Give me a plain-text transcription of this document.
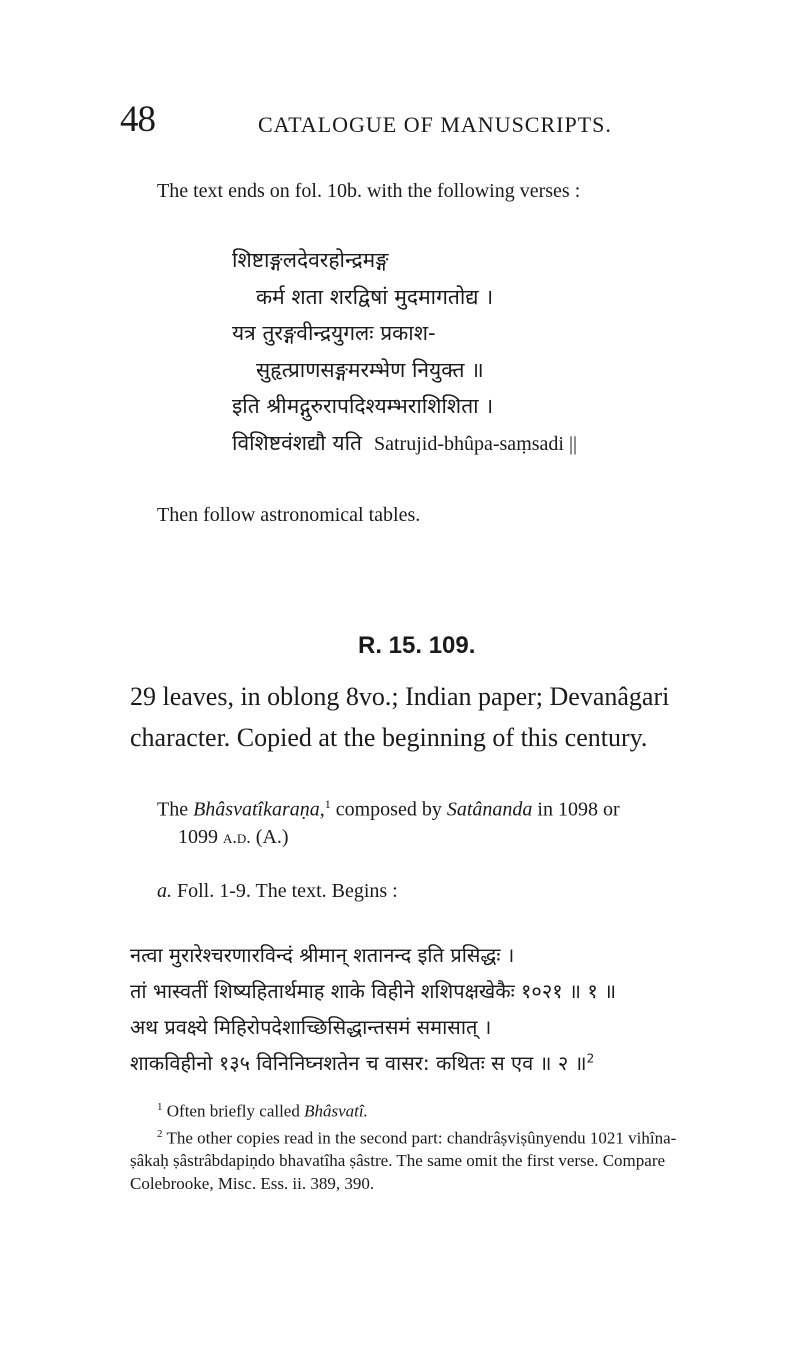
48	CATALOGUE OF MANUSCRIPTS.
The text ends on fol. 10b. with the following verses :
शिष्टाङ्गलदेवरहोन्द्रमङ्ग
कर्म शता शरद्विषां मुदमागतोद्य ।
यत्र तुरङ्गवीन्द्रयुगलः प्रकाश-
सुहृत्प्राणसङ्गमरम्भेण नियुक्त ॥
इति श्रीमद्गुरुरापदिश्यम्भराशिशिता ।
विशिष्टवंशद्यौ यति Satrujid-bhûpa-saṃsadi ||
Then follow astronomical tables.
R. 15. 109.
29 leaves, in oblong 8vo.; Indian paper; Devanâgari
character. Copied at the beginning of this century.
The Bhâsvatîkaraṇa,$^1$ composed by Satânanda in 1098 or
1099 a.d. (A.)
a. Foll. 1-9. The text. Begins :
नत्वा मुरारेश्चरणारविन्दं श्रीमान् शतानन्द इति प्रसिद्धः ।
तां भास्वतीं शिष्यहितार्थमाह शाके विहीने शशिपक्षखेकैः १०२१ ॥ १ ॥
अथ प्रवक्ष्ये मिहिरोपदेशाच्छिसिद्धान्तसमं समासात् ।
शाकविहीनो १३५ विनिनिघ्नशतेन च वासर: कथितः स एव ॥ २ ॥$^2$
$^1$ Often briefly called Bhâsvatî.
$^2$ The other copies read in the second part: chandrâṣviṣûnyendu 1021 vihîna-
ṣâkaḥ ṣâstrâbdapiṇdo bhavatîha ṣâstre. The same omit the first verse. Compare
Colebrooke, Misc. Ess. ii. 389, 390.
